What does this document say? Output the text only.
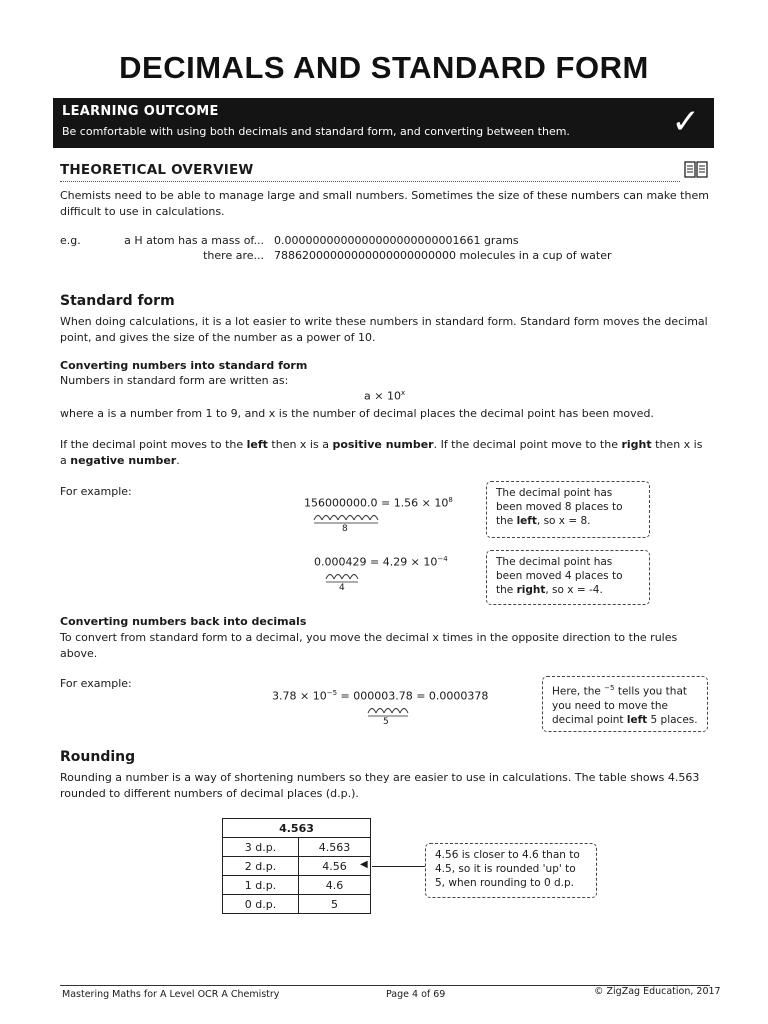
DECIMALS AND STANDARD FORM
LEARNING OUTCOME
Be comfortable with using both decimals and standard form, and converting between them.	✓
THEORETICAL OVERVIEW
Chemists need to be able to manage large and small numbers. Sometimes the size of these numbers can make them difficult to use in calculations.
e.g.	a H atom has a mass of... 0.0000000000000000000000001661 grams
there are... 78862000000000000000000000 molecules in a cup of water
Standard form
When doing calculations, it is a lot easier to write these numbers in standard form. Standard form moves the decimal point, and gives the size of the number as a power of 10.
Converting numbers into standard form
Numbers in standard form are written as:
$a \times 10^x$
where a is a number from 1 to 9, and x is the number of decimal places the decimal point has been moved.
If the decimal point moves to the left then x is a positive number. If the decimal point move to the right then x is a negative number.
For example:
$156000000.0 = 1.56 \times 10^8$
8
The decimal point has been moved 8 places to the left, so x = 8.
$0.000429 = 4.29 \times 10^{-4}$
4
The decimal point has been moved 4 places to the right, so x = -4.
Converting numbers back into decimals
To convert from standard form to a decimal, you move the decimal x times in the opposite direction to the rules above.
For example:
$3.78 \times 10^{-5} = 000003.78 = 0.0000378$
5
Here, the $^{-5}$ tells you that you need to move the decimal point left 5 places.
Rounding
Rounding a number is a way of shortening numbers so they are easier to use in calculations. The table shows 4.563 rounded to different numbers of decimal places (d.p.).
4.563	
3 d.p.	4.563
2 d.p.	4.56
1 d.p.	4.6
0 d.p.	5
◀
4.56 is closer to 4.6 than to 4.5, so it is rounded 'up' to 5, when rounding to 0 d.p.
Mastering Maths for A Level OCR A Chemistry	Page 4 of 69	© ZigZag Education, 2017
